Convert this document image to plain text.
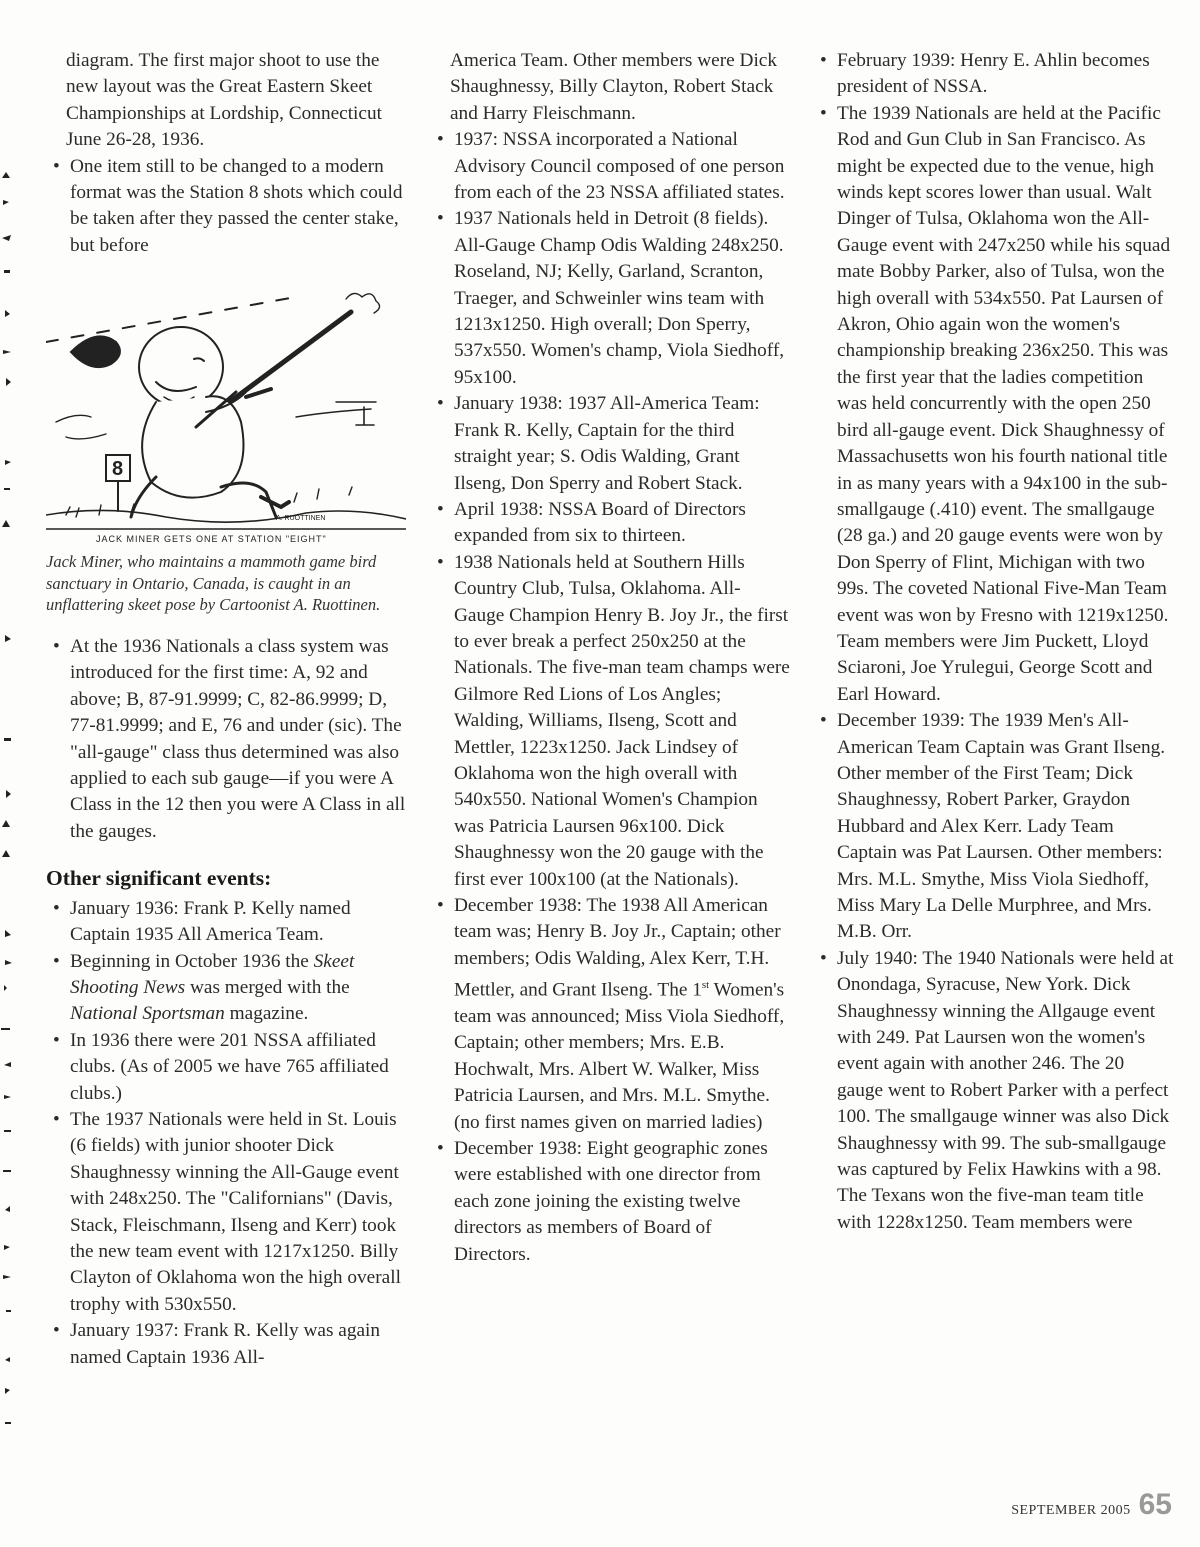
diagram. The first major shoot to use the new layout was the Great Eastern Skeet Championships at Lordship, Connecticut June 26-28, 1936.

• One item still to be changed to a modern format was the Station 8 shots which could be taken after they passed the center stake, but before

8
A. RUOTTINEN
JACK MINER GETS ONE AT STATION "EIGHT"

Jack Miner, who maintains a mammoth game bird sanctuary in Ontario, Canada, is caught in an unflattering skeet pose by Cartoonist A. Ruottinen.

• At the 1936 Nationals a class system was introduced for the first time: A, 92 and above; B, 87-91.9999; C, 82-86.9999; D, 77-81.9999; and E, 76 and under (sic). The "all-gauge" class thus determined was also applied to each sub gauge—if you were A Class in the 12 then you were A Class in all the gauges.

Other significant events:

• January 1936: Frank P. Kelly named Captain 1935 All America Team.

• Beginning in October 1936 the Skeet Shooting News was merged with the National Sportsman magazine.

• In 1936 there were 201 NSSA affiliated clubs. (As of 2005 we have 765 affiliated clubs.)

• The 1937 Nationals were held in St. Louis (6 fields) with junior shooter Dick Shaughnessy winning the All-Gauge event with 248x250. The "Californians" (Davis, Stack, Fleischmann, Ilseng and Kerr) took the new team event with 1217x1250. Billy Clayton of Oklahoma won the high overall trophy with 530x550.

• January 1937: Frank R. Kelly was again named Captain 1936 All-

America Team. Other members were Dick Shaughnessy, Billy Clayton, Robert Stack and Harry Fleischmann.

• 1937: NSSA incorporated a National Advisory Council composed of one person from each of the 23 NSSA affiliated states.

• 1937 Nationals held in Detroit (8 fields). All-Gauge Champ Odis Walding 248x250. Roseland, NJ; Kelly, Garland, Scranton, Traeger, and Schweinler wins team with 1213x1250. High overall; Don Sperry, 537x550. Women's champ, Viola Siedhoff, 95x100.

• January 1938: 1937 All-America Team: Frank R. Kelly, Captain for the third straight year; S. Odis Walding, Grant Ilseng, Don Sperry and Robert Stack.

• April 1938: NSSA Board of Directors expanded from six to thirteen.

• 1938 Nationals held at Southern Hills Country Club, Tulsa, Oklahoma. All-Gauge Champion Henry B. Joy Jr., the first to ever break a perfect 250x250 at the Nationals. The five-man team champs were Gilmore Red Lions of Los Angles; Walding, Williams, Ilseng, Scott and Mettler, 1223x1250. Jack Lindsey of Oklahoma won the high overall with 540x550. National Women's Champion was Patricia Laursen 96x100. Dick Shaughnessy won the 20 gauge with the first ever 100x100 (at the Nationals).

• December 1938: The 1938 All American team was; Henry B. Joy Jr., Captain; other members; Odis Walding, Alex Kerr, T.H. Mettler, and Grant Ilseng. The 1st Women's team was announced; Miss Viola Siedhoff, Captain; other members; Mrs. E.B. Hochwalt, Mrs. Albert W. Walker, Miss Patricia Laursen, and Mrs. M.L. Smythe. (no first names given on married ladies)

• December 1938: Eight geographic zones were established with one director from each zone joining the existing twelve directors as members of Board of Directors.

• February 1939: Henry E. Ahlin becomes president of NSSA.

• The 1939 Nationals are held at the Pacific Rod and Gun Club in San Francisco. As might be expected due to the venue, high winds kept scores lower than usual. Walt Dinger of Tulsa, Oklahoma won the All-Gauge event with 247x250 while his squad mate Bobby Parker, also of Tulsa, won the high overall with 534x550. Pat Laursen of Akron, Ohio again won the women's championship breaking 236x250. This was the first year that the ladies competition was held concurrently with the open 250 bird all-gauge event. Dick Shaughnessy of Massachusetts won his fourth national title in as many years with a 94x100 in the sub-smallgauge (.410) event. The smallgauge (28 ga.) and 20 gauge events were won by Don Sperry of Flint, Michigan with two 99s. The coveted National Five-Man Team event was won by Fresno with 1219x1250. Team members were Jim Puckett, Lloyd Sciaroni, Joe Yrulegui, George Scott and Earl Howard.

• December 1939: The 1939 Men's All-American Team Captain was Grant Ilseng. Other member of the First Team; Dick Shaughnessy, Robert Parker, Graydon Hubbard and Alex Kerr. Lady Team Captain was Pat Laursen. Other members: Mrs. M.L. Smythe, Miss Viola Siedhoff, Miss Mary La Delle Murphree, and Mrs. M.B. Orr.

• July 1940: The 1940 Nationals were held at Onondaga, Syracuse, New York. Dick Shaughnessy winning the Allgauge event with 249. Pat Laursen won the women's event again with another 246. The 20 gauge went to Robert Parker with a perfect 100. The smallgauge winner was also Dick Shaughnessy with 99. The sub-smallgauge was captured by Felix Hawkins with a 98. The Texans won the five-man team title with 1228x1250. Team members were

SEPTEMBER 2005 65
